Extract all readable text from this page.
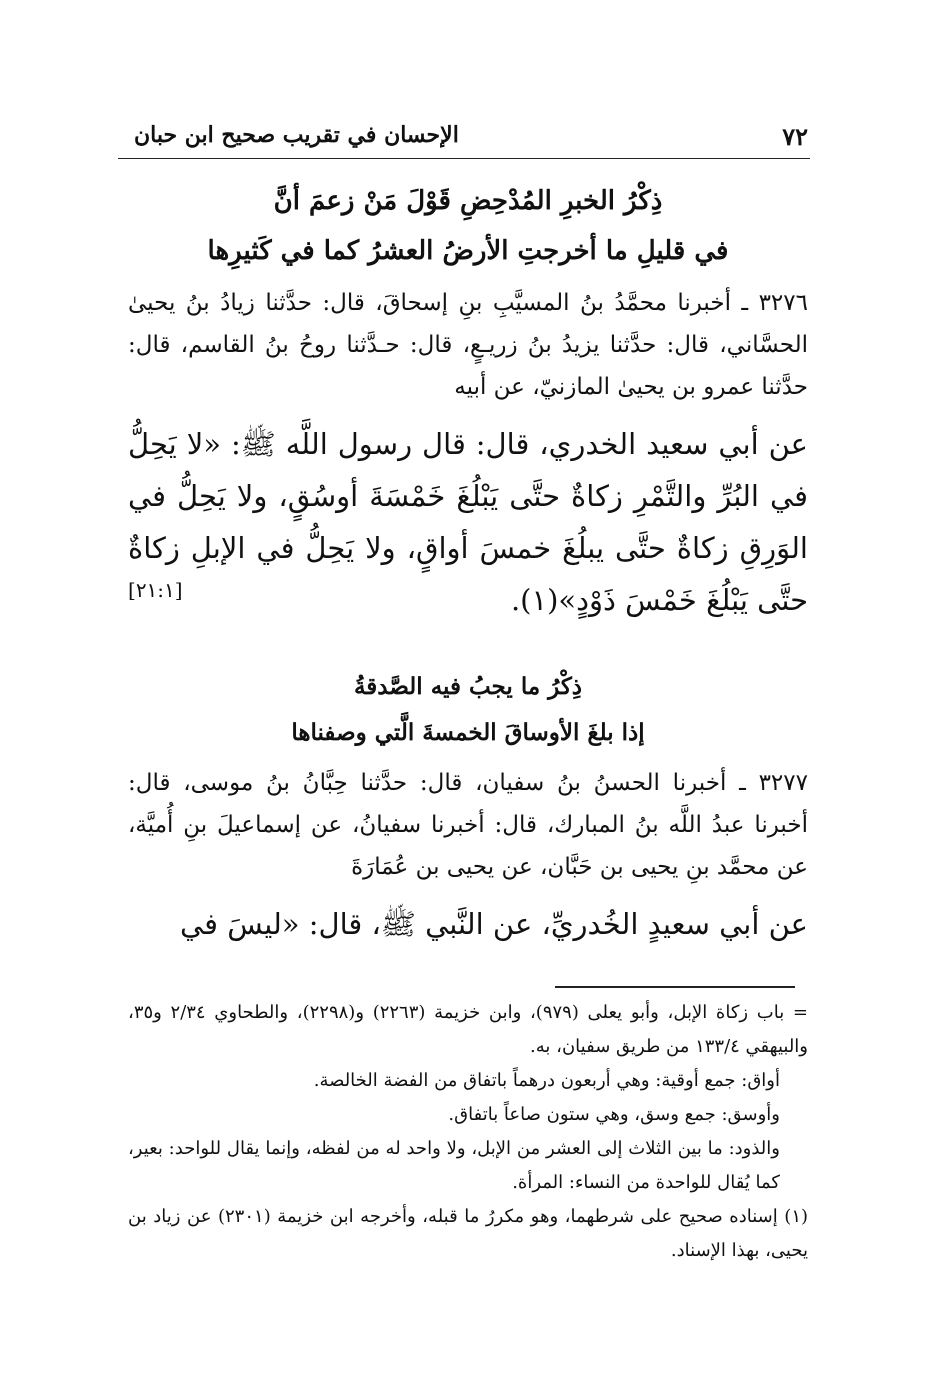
٧٢
الإحسان في تقريب صحيح ابن حبان

ذِكْرُ الخبرِ المُدْحِضِ قَوْلَ مَنْ زعمَ أنَّ

في قليلِ ما أخرجتِ الأرضُ العشرُ كما في كَثيرِها

٣٢٧٦ ـ أخبرنا محمَّدُ بنُ المسيَّبِ بنِ إسحاقَ، قال: حدَّثنا زيادُ بنُ يحيىٰ الحسَّاني، قال: حدَّثنا يزيدُ بنُ زريـعٍ، قال: حـدَّثنا روحُ بنُ القاسم، قال: حدَّثنا عمرو بن يحيىٰ المازنيّ، عن أبيه

عن أبي سعيد الخدري، قال: قال رسول اللَّه ﷺ: «لا يَحِلُّ في البُرِّ والتَّمْرِ زكاةٌ حتَّى يَبْلُغَ خَمْسَةَ أوسُقٍ، ولا يَحِلُّ في الوَرِقِ زكاةٌ حتَّى يبلُغَ خمسَ أواقٍ، ولا يَحِلُّ في الإبلِ زكاةٌ حتَّى يَبْلُغَ خَمْسَ ذَوْدٍ»(١).
[٢١:١]

ذِكْرُ ما يجبُ فيه الصَّدقةُ

إذا بلغَ الأوساقَ الخمسةَ الَّتي وصفناها

٣٢٧٧ ـ أخبرنا الحسنُ بنُ سفيان، قال: حدَّثنا حِبَّانُ بنُ موسى، قال: أخبرنا عبدُ اللَّه بنُ المبارك، قال: أخبرنا سفيانُ، عن إسماعيلَ بنِ أُميَّة، عن محمَّد بنِ يحيى بن حَبَّان، عن يحيى بن عُمَارَةَ

عن أبي سعيدٍ الخُدريِّ، عن النَّبي ﷺ، قال: «ليسَ في

= باب زكاة الإبل، وأبو يعلى (٩٧٩)، وابن خزيمة (٢٢٦٣) و(٢٢٩٨)، والطحاوي ٢/٣٤ و٣٥، والبيهقي ١٣٣/٤ من طريق سفيان، به.

أواق: جمع أوقية: وهي أربعون درهماً باتفاق من الفضة الخالصة.

وأوسق: جمع وسق، وهي ستون صاعاً باتفاق.

والذود: ما بين الثلاث إلى العشر من الإبل، ولا واحد له من لفظه، وإنما يقال للواحد: بعير، كما يُقال للواحدة من النساء: المرأة.

(١) إسناده صحيح على شرطهما، وهو مكررُ ما قبله، وأخرجه ابن خزيمة (٢٣٠١) عن زياد بن يحيى، بهذا الإسناد.
